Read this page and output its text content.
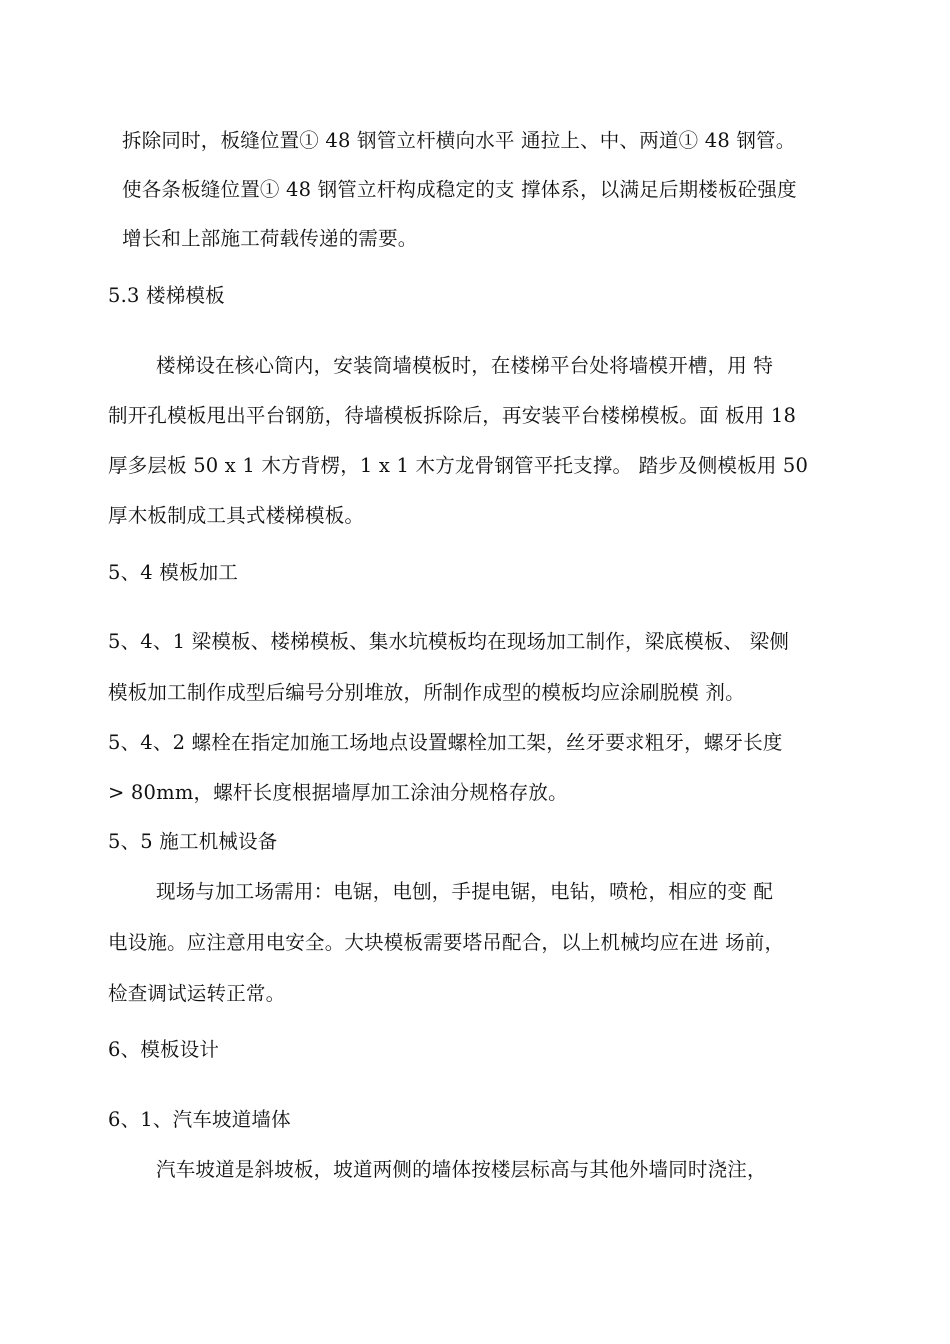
拆除同时，板缝位置① 48 钢管立杆横向水平 通拉上、中、两道① 48 钢管。
使各条板缝位置① 48 钢管立杆构成稳定的支 撑体系，以满足后期楼板砼强度
增长和上部施工荷载传递的需要。
5.3 楼梯模板
楼梯设在核心筒内，安装筒墙模板时，在楼梯平台处将墙模开槽，用 特
制开孔模板甩出平台钢筋，待墙模板拆除后，再安装平台楼梯模板。面 板用 18
厚多层板 50 x 1 木方背楞，1 x 1 木方龙骨钢管平托支撑。 踏步及侧模板用 50
厚木板制成工具式楼梯模板。
5、4 模板加工
5、4、1 梁模板、楼梯模板、集水坑模板均在现场加工制作，梁底模板、 梁侧
模板加工制作成型后编号分别堆放，所制作成型的模板均应涂刷脱模 剂。
5、4、2 螺栓在指定加施工场地点设置螺栓加工架，丝牙要求粗牙，螺牙长度
> 80mm，螺杆长度根据墙厚加工涂油分规格存放。
5、5 施工机械设备
现场与加工场需用：电锯，电刨，手提电锯，电钻，喷枪，相应的变 配
电设施。应注意用电安全。大块模板需要塔吊配合，以上机械均应在进 场前，
检查调试运转正常。
6、模板设计
6、1、汽车坡道墙体
汽车坡道是斜坡板，坡道两侧的墙体按楼层标高与其他外墙同时浇注，
